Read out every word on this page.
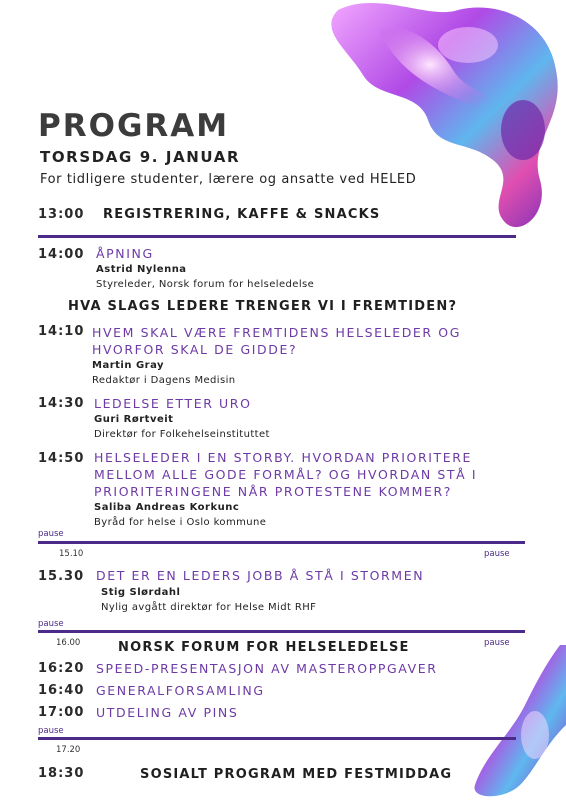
PROGRAM
TORSDAG 9. JANUAR
For tidligere studenter, lærere og ansatte ved HELED
13:00 REGISTRERING, KAFFE & SNACKS
14:00 ÅPNING
Astrid Nylenna
Styreleder, Norsk forum for helseledelse
HVA SLAGS LEDERE TRENGER VI I FREMTIDEN?
14:10 HVEM SKAL VÆRE FREMTIDENS HELSELEDER OG
HVORFOR SKAL DE GIDDE?
Martin Gray
Redaktør i Dagens Medisin
14:30 LEDELSE ETTER URO
Guri Rørtveit
Direktør for Folkehelseinstituttet
14:50 HELSELEDER I EN STORBY. HVORDAN PRIORITERE
MELLOM ALLE GODE FORMÅL? OG HVORDAN STÅ I
PRIORITERINGENE NÅR PROTESTENE KOMMER?
Saliba Andreas Korkunc
Byråd for helse i Oslo kommune
pause
15.10	pause
15.30 DET ER EN LEDERS JOBB Å STÅ I STORMEN
Stig Slørdahl
Nylig avgått direktør for Helse Midt RHF
pause
16.00	pause
NORSK FORUM FOR HELSELEDELSE
16:20 SPEED-PRESENTASJON AV MASTEROPPGAVER
16:40 GENERALFORSAMLING
17:00 UTDELING AV PINS
pause
17.20
18:30	SOSIALT PROGRAM MED FESTMIDDAG
